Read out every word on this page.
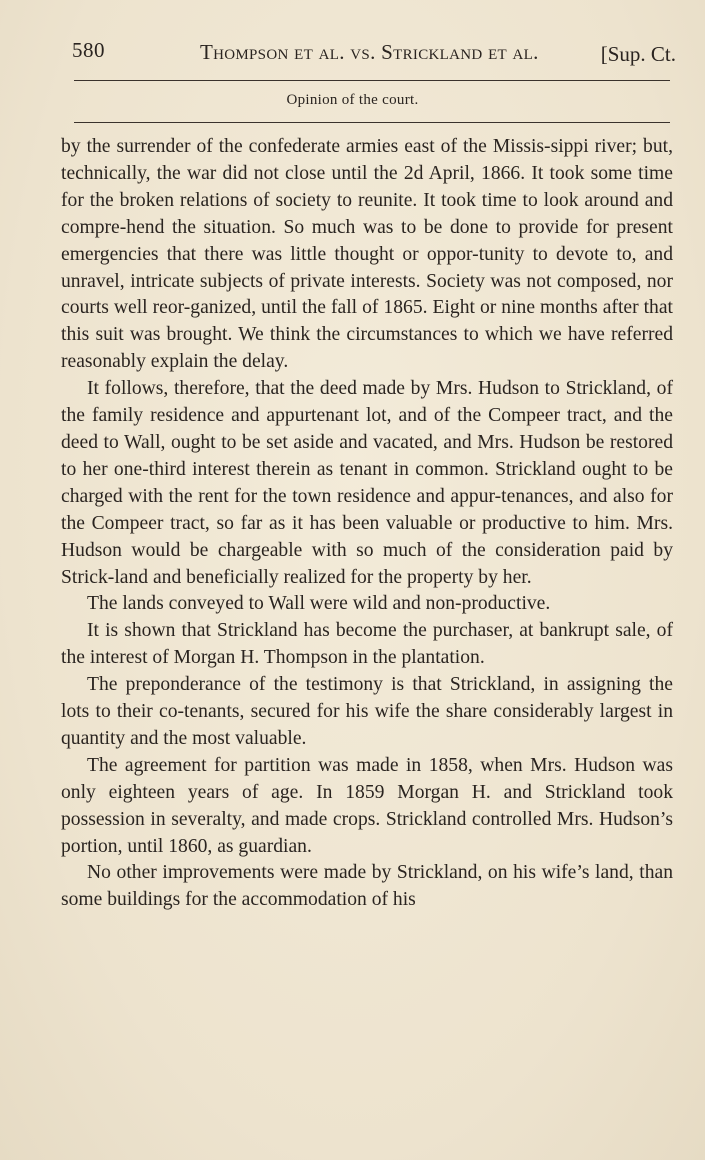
580	Thompson et al. vs. Strickland et al.	[Sup. Ct.
Opinion of the court.

by the surrender of the confederate armies east of the Missis-sippi river; but, technically, the war did not close until the 2d April, 1866. It took some time for the broken relations of society to reunite. It took time to look around and compre-hend the situation. So much was to be done to provide for present emergencies that there was little thought or oppor-tunity to devote to, and unravel, intricate subjects of private interests. Society was not composed, nor courts well reor-ganized, until the fall of 1865. Eight or nine months after that this suit was brought. We think the circumstances to which we have referred reasonably explain the delay.

It follows, therefore, that the deed made by Mrs. Hudson to Strickland, of the family residence and appurtenant lot, and of the Compeer tract, and the deed to Wall, ought to be set aside and vacated, and Mrs. Hudson be restored to her one-third interest therein as tenant in common. Strickland ought to be charged with the rent for the town residence and appur-tenances, and also for the Compeer tract, so far as it has been valuable or productive to him. Mrs. Hudson would be chargeable with so much of the consideration paid by Strick-land and beneficially realized for the property by her.

The lands conveyed to Wall were wild and non-productive.

It is shown that Strickland has become the purchaser, at bankrupt sale, of the interest of Morgan H. Thompson in the plantation.

The preponderance of the testimony is that Strickland, in assigning the lots to their co-tenants, secured for his wife the share considerably largest in quantity and the most valuable.

The agreement for partition was made in 1858, when Mrs. Hudson was only eighteen years of age. In 1859 Morgan H. and Strickland took possession in severalty, and made crops. Strickland controlled Mrs. Hudson’s portion, until 1860, as guardian.

No other improvements were made by Strickland, on his wife’s land, than some buildings for the accommodation of his
